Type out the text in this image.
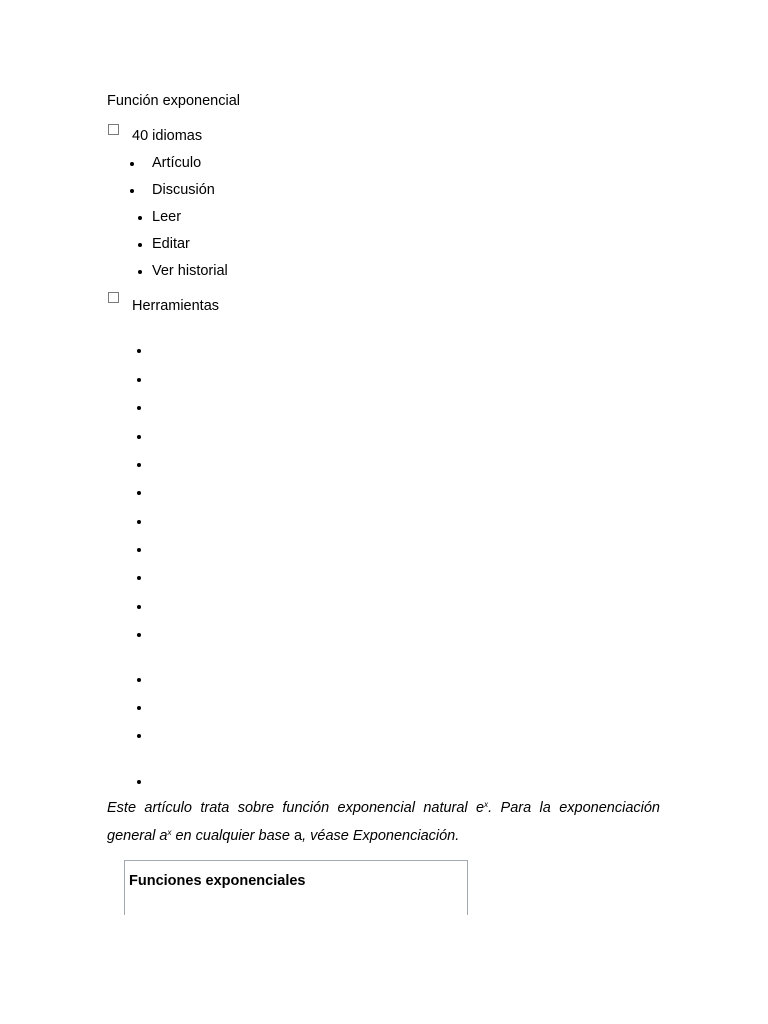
Función exponencial
40 idiomas
Artículo
Discusión
Leer
Editar
Ver historial
Herramientas
Este artículo trata sobre función exponencial natural $e^x$. Para la exponenciación general $a^x$ en cualquier base a, véase Exponenciación.
Funciones exponenciales
